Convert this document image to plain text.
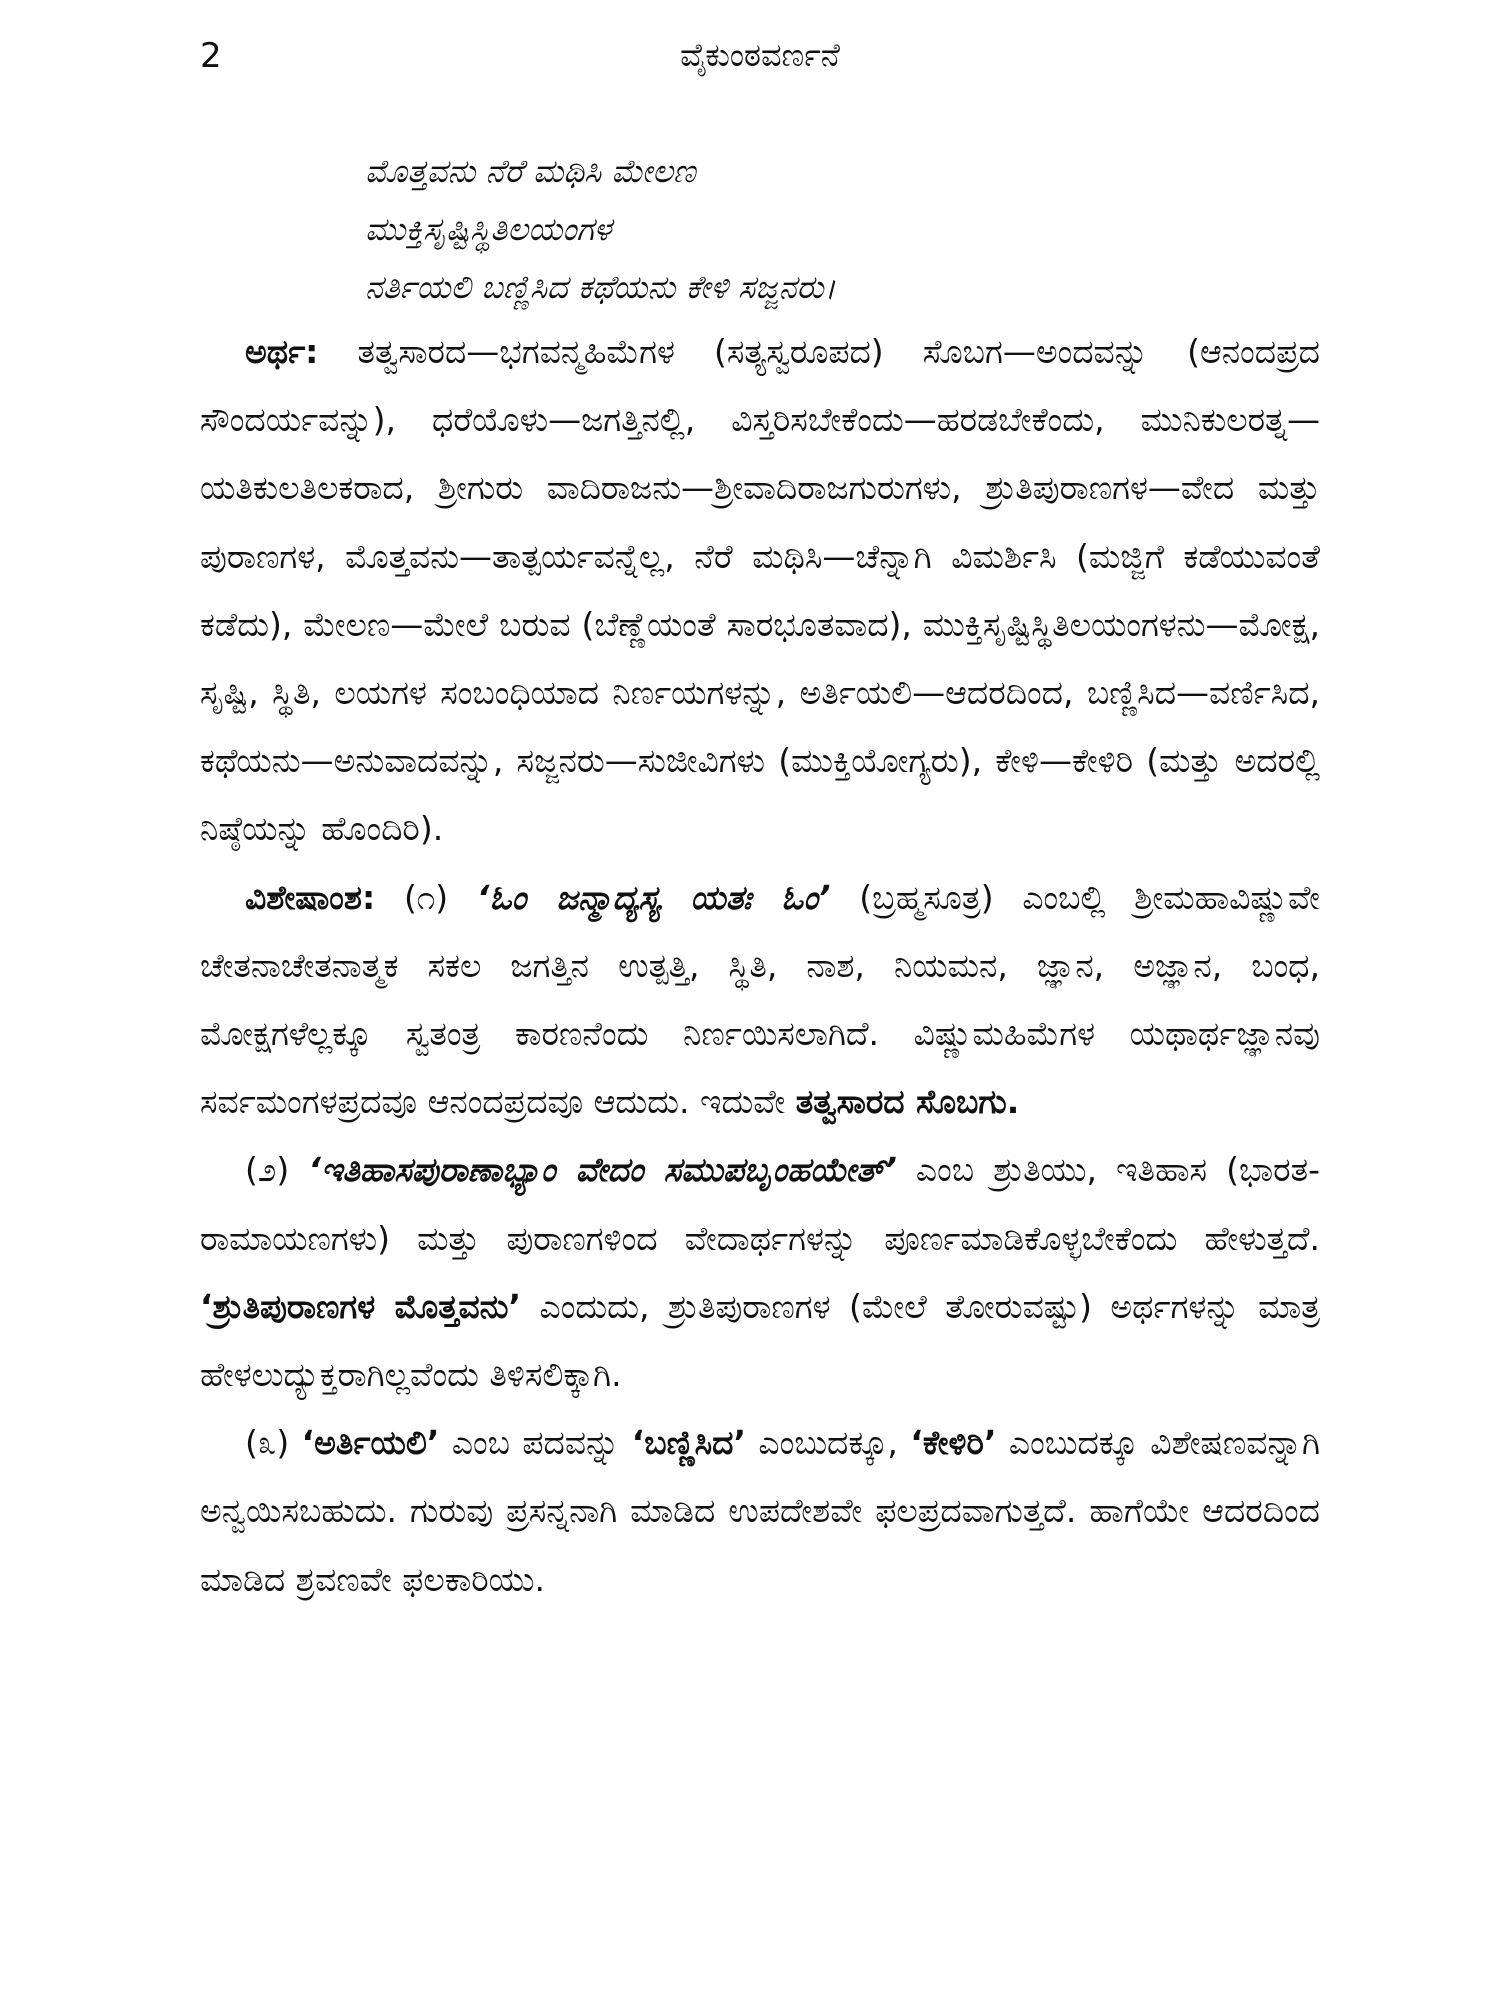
2	ವೈಕುಂಠವರ್ಣನೆ
ಮೊತ್ತವನು ನೆರೆ ಮಥಿಸಿ ಮೇಲಣ
ಮುಕ್ತಿಸೃಷ್ಟಿಸ್ಥಿತಿಲಯಂಗಳ
ನರ್ತಿಯಲಿ ಬಣ್ಣಿಸಿದ ಕಥೆಯನು ಕೇಳಿ ಸಜ್ಜನರು।

ಅರ್ಥ: ತತ್ವಸಾರದ—ಭಗವನ್ಮಹಿಮೆಗಳ (ಸತ್ಯಸ್ವರೂಪದ) ಸೊಬಗ—ಅಂದವನ್ನು (ಆನಂದಪ್ರದ ಸೌಂದರ್ಯವನ್ನು), ಧರೆಯೊಳು—ಜಗತ್ತಿನಲ್ಲಿ, ವಿಸ್ತರಿಸಬೇಕೆಂದು—ಹರಡಬೇಕೆಂದು, ಮುನಿಕುಲರತ್ನ—ಯತಿಕುಲತಿಲಕರಾದ, ಶ್ರೀಗುರು ವಾದಿರಾಜನು—ಶ್ರೀವಾದಿರಾಜಗುರುಗಳು, ಶ್ರುತಿಪುರಾಣಗಳ—ವೇದ ಮತ್ತು ಪುರಾಣಗಳ, ಮೊತ್ತವನು—ತಾತ್ಪರ್ಯವನ್ನೆಲ್ಲ, ನೆರೆ ಮಥಿಸಿ—ಚೆನ್ನಾಗಿ ವಿಮರ್ಶಿಸಿ (ಮಜ್ಜಿಗೆ ಕಡೆಯುವಂತೆ ಕಡೆದು), ಮೇಲಣ—ಮೇಲೆ ಬರುವ (ಬೆಣ್ಣೆಯಂತೆ ಸಾರಭೂತವಾದ), ಮುಕ್ತಿಸೃಷ್ಟಿಸ್ಥಿತಿಲಯಂಗಳನು—ಮೋಕ್ಷ, ಸೃಷ್ಟಿ, ಸ್ಥಿತಿ, ಲಯಗಳ ಸಂಬಂಧಿಯಾದ ನಿರ್ಣಯಗಳನ್ನು, ಅರ್ತಿಯಲಿ—ಆದರದಿಂದ, ಬಣ್ಣಿಸಿದ—ವರ್ಣಿಸಿದ, ಕಥೆಯನು—ಅನುವಾದವನ್ನು, ಸಜ್ಜನರು—ಸುಜೀವಿಗಳು (ಮುಕ್ತಿಯೋಗ್ಯರು), ಕೇಳಿ—ಕೇಳಿರಿ (ಮತ್ತು ಅದರಲ್ಲಿ ನಿಷ್ಠೆಯನ್ನು ಹೊಂದಿರಿ).

ವಿಶೇಷಾಂಶ: (೧) ‘ಓಂ ಜನ್ಮಾದ್ಯಸ್ಯ ಯತಃ ಓಂ’ (ಬ್ರಹ್ಮಸೂತ್ರ) ಎಂಬಲ್ಲಿ ಶ್ರೀಮಹಾವಿಷ್ಣುವೇ ಚೇತನಾಚೇತನಾತ್ಮಕ ಸಕಲ ಜಗತ್ತಿನ ಉತ್ಪತ್ತಿ, ಸ್ಥಿತಿ, ನಾಶ, ನಿಯಮನ, ಜ್ಞಾನ, ಅಜ್ಞಾನ, ಬಂಧ, ಮೋಕ್ಷಗಳೆಲ್ಲಕ್ಕೂ ಸ್ವತಂತ್ರ ಕಾರಣನೆಂದು ನಿರ್ಣಯಿಸಲಾಗಿದೆ. ವಿಷ್ಣುಮಹಿಮೆಗಳ ಯಥಾರ್ಥಜ್ಞಾನವು ಸರ್ವಮಂಗಳಪ್ರದವೂ ಆನಂದಪ್ರದವೂ ಆದುದು. ಇದುವೇ ತತ್ವಸಾರದ ಸೊಬಗು.

(೨) ‘ಇತಿಹಾಸಪುರಾಣಾಭ್ಯಾಂ ವೇದಂ ಸಮುಪಬೃಂಹಯೇತ್’ ಎಂಬ ಶ್ರುತಿಯು, ಇತಿಹಾಸ (ಭಾರತ-ರಾಮಾಯಣಗಳು) ಮತ್ತು ಪುರಾಣಗಳಿಂದ ವೇದಾರ್ಥಗಳನ್ನು ಪೂರ್ಣಮಾಡಿಕೊಳ್ಳಬೇಕೆಂದು ಹೇಳುತ್ತದೆ. ‘ಶ್ರುತಿಪುರಾಣಗಳ ಮೊತ್ತವನು’ ಎಂದುದು, ಶ್ರುತಿಪುರಾಣಗಳ (ಮೇಲೆ ತೋರುವಷ್ಟು) ಅರ್ಥಗಳನ್ನು ಮಾತ್ರ ಹೇಳಲುದ್ಯುಕ್ತರಾಗಿಲ್ಲವೆಂದು ತಿಳಿಸಲಿಕ್ಕಾಗಿ.

(೩) ‘ಅರ್ತಿಯಲಿ’ ಎಂಬ ಪದವನ್ನು ‘ಬಣ್ಣಿಸಿದ’ ಎಂಬುದಕ್ಕೂ, ‘ಕೇಳಿರಿ’ ಎಂಬುದಕ್ಕೂ ವಿಶೇಷಣವನ್ನಾಗಿ ಅನ್ವಯಿಸಬಹುದು. ಗುರುವು ಪ್ರಸನ್ನನಾಗಿ ಮಾಡಿದ ಉಪದೇಶವೇ ಫಲಪ್ರದವಾಗುತ್ತದೆ. ಹಾಗೆಯೇ ಆದರದಿಂದ ಮಾಡಿದ ಶ್ರವಣವೇ ಫಲಕಾರಿಯು.
